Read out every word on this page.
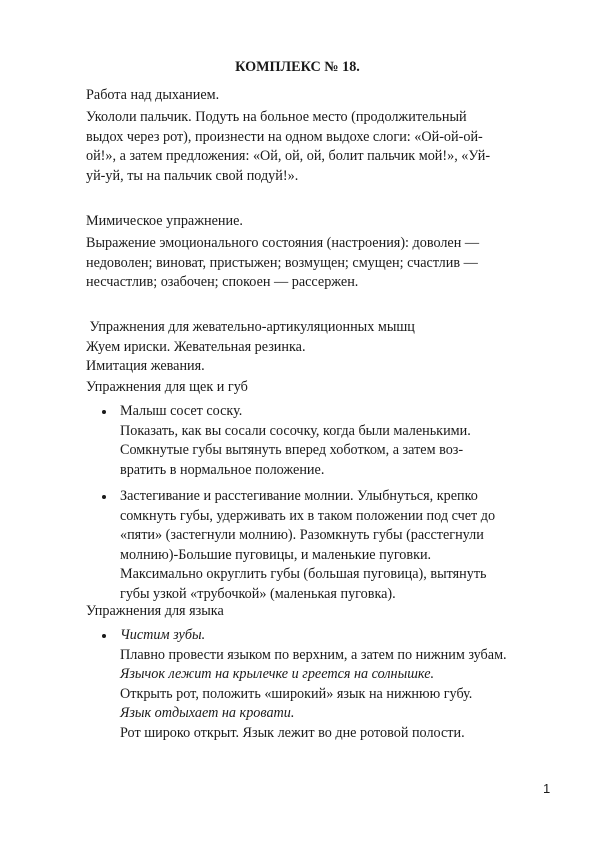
КОМПЛЕКС № 18.

Работа над дыханием.

Укололи пальчик. Подуть на больное место (продолжительный

выдох через рот), произнести на одном выдохе слоги: «Ой-ой-ой-

ой!», а затем предложения: «Ой, ой, ой, болит пальчик мой!», «Уй-

уй-уй, ты на пальчик свой подуй!».

Мимическое упражнение.

Выражение эмоционального состояния (настроения): доволен —

недоволен; виноват, пристыжен; возмущен; смущен; счастлив —

несчастлив; озабочен; спокоен — рассержен.

Упражнения для жевательно-артикуляционных мышц

Жуем ириски. Жевательная резинка.

Имитация жевания.

Упражнения для щек и губ

Малыш сосет соску.

Показать, как вы сосали сосочку, когда были маленькими.

Сомкнутые губы вытянуть вперед хоботком, а затем воз-

вратить в нормальное положение.

Застегивание и расстегивание молнии. Улыбнуться, крепко

сомкнуть губы, удерживать их в таком положении под счет до

«пяти» (застегнули молнию). Разомкнуть губы (расстегнули

молнию)-Большие пуговицы, и маленькие пуговки.

Максимально округлить губы (большая пуговица), вытянуть

губы узкой «трубочкой» (маленькая пуговка).

Упражнения для языка

Чистим зубы.

Плавно провести языком по верхним, а затем по нижним зубам.

Язычок лежит на крылечке и греется на солнышке.

Открыть рот, положить «широкий» язык на нижнюю губу.

Язык отдыхает на кровати.

Рот широко открыт. Язык лежит во дне ротовой полости.

1
